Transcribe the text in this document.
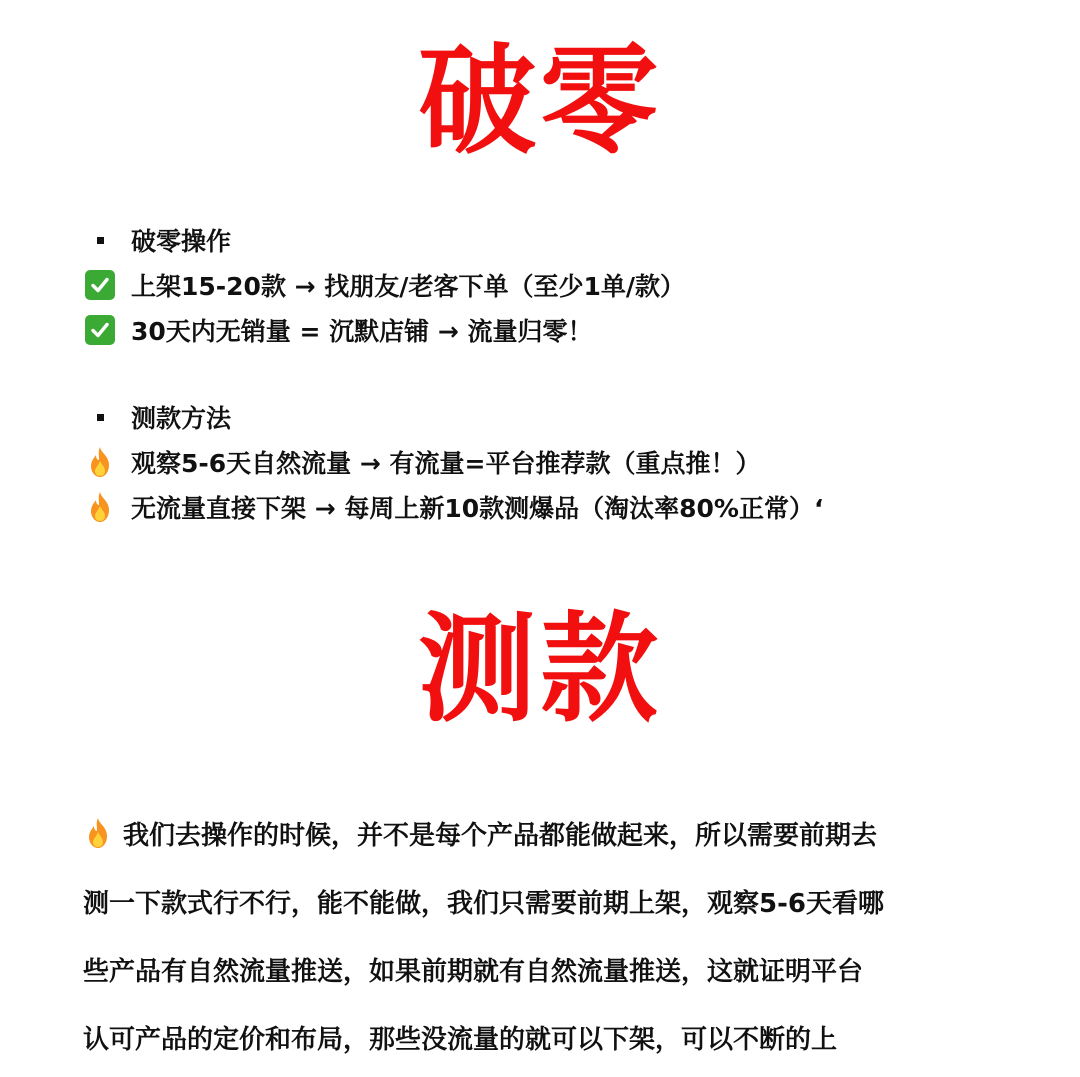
破零
破零操作
上架15-20款 → 找朋友/老客下单（至少1单/款）
30天内无销量 = 沉默店铺 → 流量归零！
测款方法
观察5-6天自然流量 → 有流量=平台推荐款（重点推！）
无流量直接下架 → 每周上新10款测爆品（淘汰率80%正常）‘
测款
我们去操作的时候，并不是每个产品都能做起来，所以需要前期去
测一下款式行不行，能不能做，我们只需要前期上架，观察5-6天看哪
些产品有自然流量推送，如果前期就有自然流量推送，这就证明平台
认可产品的定价和布局，那些没流量的就可以下架，可以不断的上
